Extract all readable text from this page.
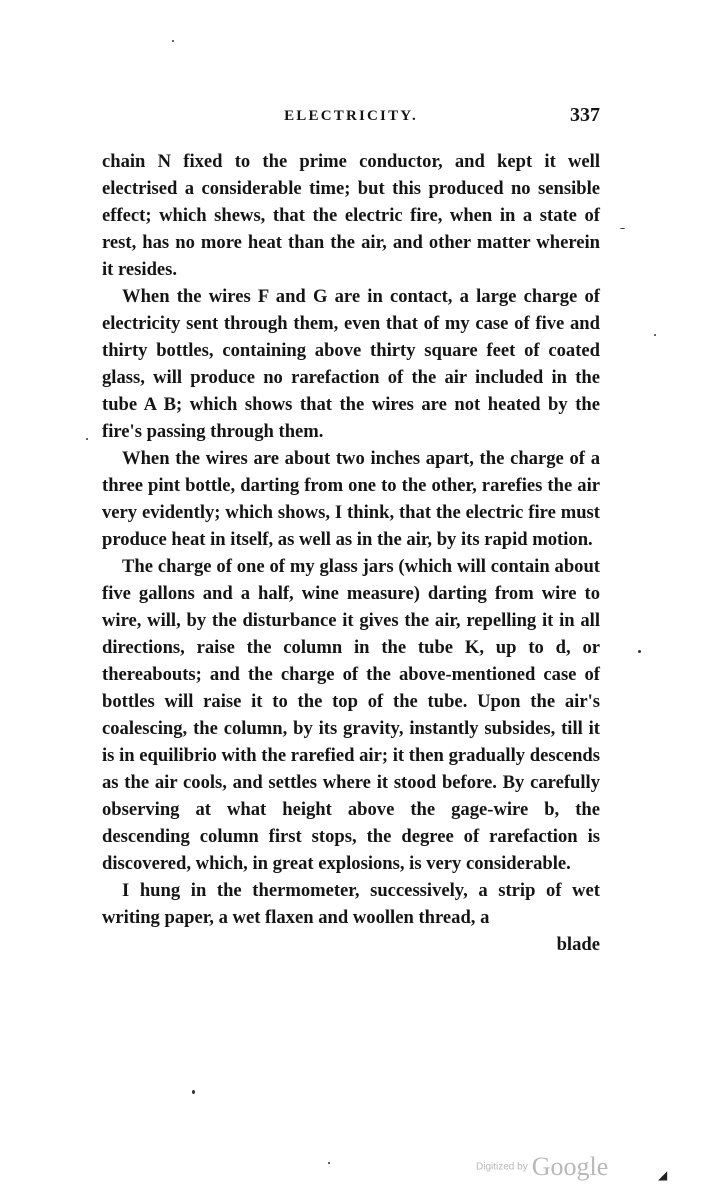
ELECTRICITY.	337

chain N fixed to the prime conductor, and kept it well electrised a considerable time; but this produced no sensible effect; which shews, that the electric fire, when in a state of rest, has no more heat than the air, and other matter wherein it resides.

When the wires F and G are in contact, a large charge of electricity sent through them, even that of my case of five and thirty bottles, containing above thirty square feet of coated glass, will produce no rarefaction of the air included in the tube A B; which shows that the wires are not heated by the fire's passing through them.

When the wires are about two inches apart, the charge of a three pint bottle, darting from one to the other, rarefies the air very evidently; which shows, I think, that the electric fire must produce heat in itself, as well as in the air, by its rapid motion.

The charge of one of my glass jars (which will contain about five gallons and a half, wine measure) darting from wire to wire, will, by the disturbance it gives the air, repelling it in all directions, raise the column in the tube K, up to d, or thereabouts; and the charge of the above-mentioned case of bottles will raise it to the top of the tube. Upon the air's coalescing, the column, by its gravity, instantly subsides, till it is in equilibrio with the rarefied air; it then gradually descends as the air cools, and settles where it stood before. By carefully observing at what height above the gage-wire b, the descending column first stops, the degree of rarefaction is discovered, which, in great explosions, is very considerable.

I hung in the thermometer, successively, a strip of wet writing paper, a wet flaxen and woollen thread, a

blade

Digitized by Google	◢
